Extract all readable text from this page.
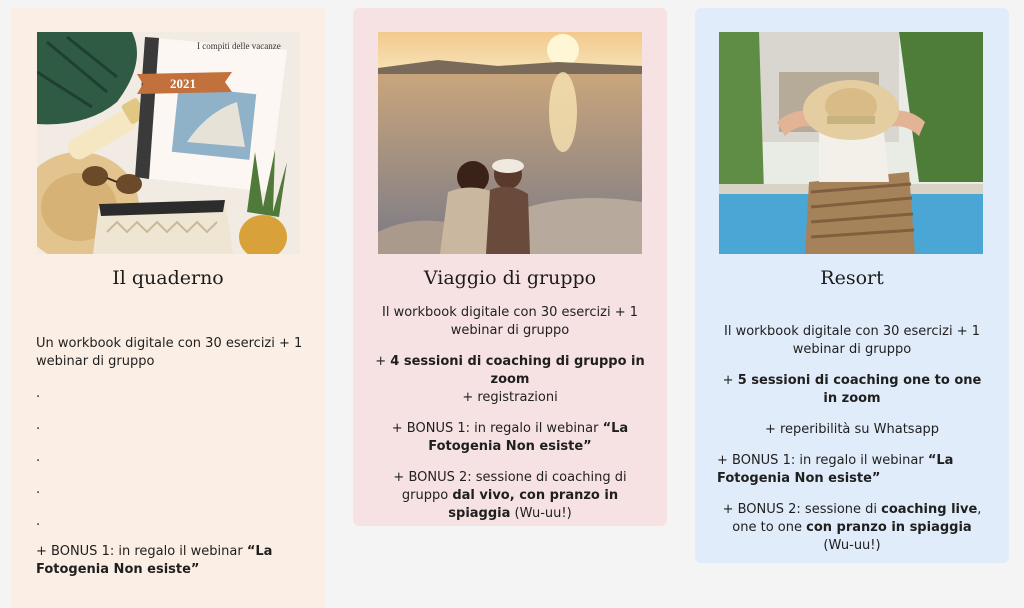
I compiti delle vacanze
2021
Il quaderno

Un workbook digitale con 30 esercizi + 1 webinar di gruppo

.

.

.

.

.

+ BONUS 1: in regalo il webinar “La Fotogenia Non esiste”

Viaggio di gruppo

Il workbook digitale con 30 esercizi + 1 webinar di gruppo

+ 4 sessioni di coaching di gruppo in zoom
+ registrazioni

+ BONUS 1: in regalo il webinar “La Fotogenia Non esiste”

+ BONUS 2: sessione di coaching di gruppo dal vivo, con pranzo in spiaggia (Wu-uu!)

Resort

Il workbook digitale con 30 esercizi + 1 webinar di gruppo

+ 5 sessioni di coaching one to one in zoom

+ reperibilità su Whatsapp

+ BONUS 1: in regalo il webinar “La Fotogenia Non esiste”

+ BONUS 2: sessione di coaching live, one to one con pranzo in spiaggia (Wu-uu!)
